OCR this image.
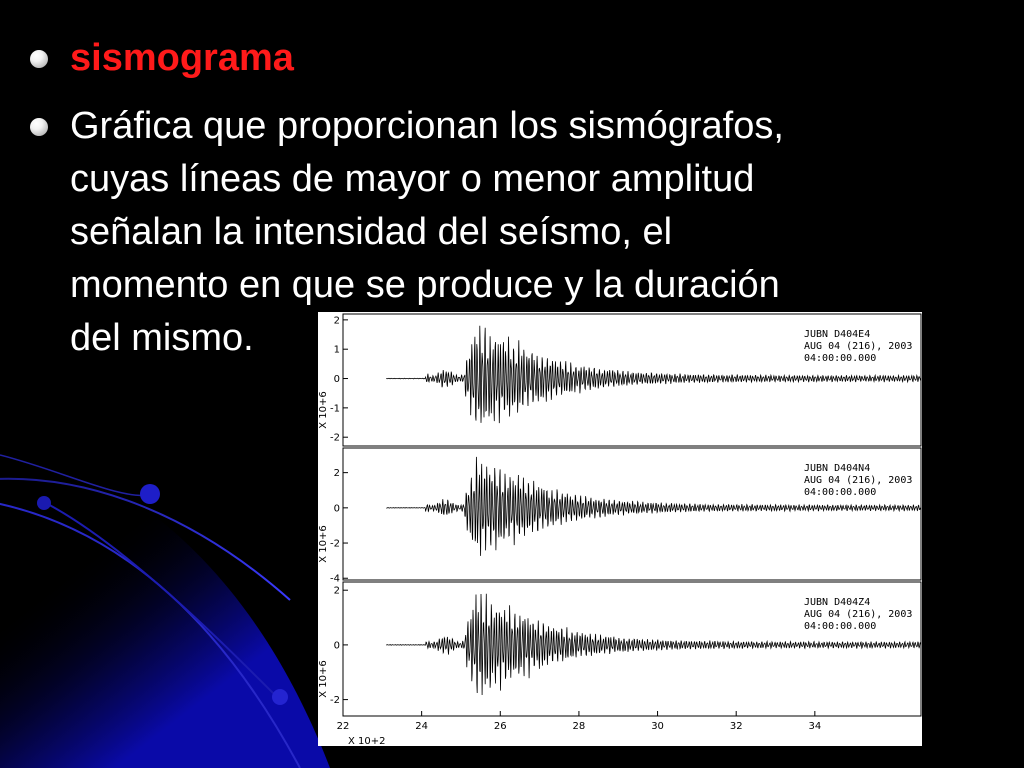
sismograma
Gráfica que proporcionan los sismógrafos,
cuyas líneas de mayor o menor amplitud
señalan la intensidad del seísmo, el
momento en que se produce y la duración
del mismo.	2
1
0
-1
-2
X 10+6
JUBN D404E4
AUG 04 (216), 2003
04:00:00.000
2
0
-2
-4
X 10+6
JUBN D404N4
AUG 04 (216), 2003
04:00:00.000
2
0
-2
X 10+6
JUBN D404Z4
AUG 04 (216), 2003
04:00:00.000
22	24	26	28	30	32	34
X 10+2
